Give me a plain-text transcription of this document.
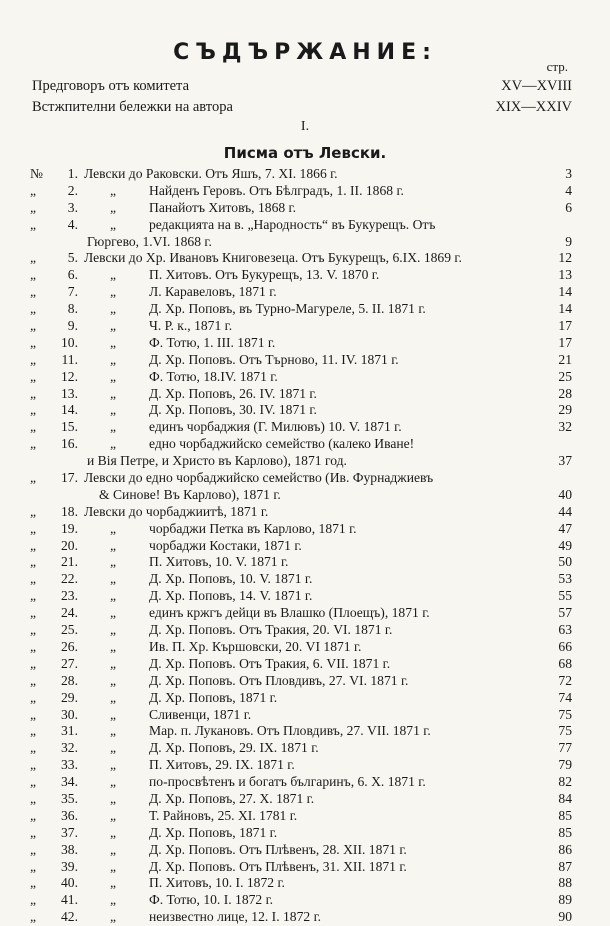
СЪДЪРЖАНИЕ:
стр.
Предговоръ отъ комитета	XV—XVIII
Встжпителни бележки на автора	XIX—XXIV
I.
Писма отъ Левски.
№ 1. Левски до Раковски. Отъ Яшъ, 7. XI. 1866 г.	3
„ 2. „ Найденъ Геровъ. Отъ Бѣлградъ, 1. II. 1868 г.	4
„ 3. „ Панайотъ Хитовъ, 1868 г.	6
„ 4. „ редакцията на в. „Народность“ въ Букурещъ. Отъ
Гюргево, 1.VI. 1868 г.	9
„ 5. Левски до Хр. Ивановъ Книговезеца. Отъ Букурещъ, 6.IX. 1869 г.	12
„ 6. „ П. Хитовъ. Отъ Букурещъ, 13. V. 1870 г.	13
„ 7. „ Л. Каравеловъ, 1871 г.	14
„ 8. „ Д. Хр. Поповъ, въ Турно-Магуреле, 5. II. 1871 г.	14
„ 9. „ Ч. Р. к., 1871 г.	17
„ 10. „ Ф. Тотю, 1. III. 1871 г.	17
„ 11. „ Д. Хр. Поповъ. Отъ Търново, 11. IV. 1871 г.	21
„ 12. „ Ф. Тотю, 18.IV. 1871 г.	25
„ 13. „ Д. Хр. Поповъ, 26. IV. 1871 г.	28
„ 14. „ Д. Хр. Поповъ, 30. IV. 1871 г.	29
„ 15. „ единъ чорбаджия (Г. Милювъ) 10. V. 1871 г.	32
„ 16. „ едно чорбаджийско семейство (калеко Иване!
и Вія Петре, и Христо въ Карлово), 1871 год.	37
„ 17. Левски до едно чорбаджийско семейство (Ив. Фурнаджиевъ
& Синове! Въ Карлово), 1871 г.	40
„ 18. Левски до чорбаджиитѣ, 1871 г.	44
„ 19. „ чорбаджи Петка въ Карлово, 1871 г.	47
„ 20. „ чорбаджи Костаки, 1871 г.	49
„ 21. „ П. Хитовъ, 10. V. 1871 г.	50
„ 22. „ Д. Хр. Поповъ, 10. V. 1871 г.	53
„ 23. „ Д. Хр. Поповъ, 14. V. 1871 г.	55
„ 24. „ единъ кржгъ дейци въ Влашко (Плоещъ), 1871 г.	57
„ 25. „ Д. Хр. Поповъ. Отъ Тракия, 20. VI. 1871 г.	63
„ 26. „ Ив. П. Хр. Кършовски, 20. VI 1871 г.	66
„ 27. „ Д. Хр. Поповъ. Отъ Тракия, 6. VII. 1871 г.	68
„ 28. „ Д. Хр. Поповъ. Отъ Пловдивъ, 27. VI. 1871 г.	72
„ 29. „ Д. Хр. Поповъ, 1871 г.	74
„ 30. „ Сливенци, 1871 г.	75
„ 31. „ Мар. п. Лукановъ. Отъ Пловдивъ, 27. VII. 1871 г.	75
„ 32. „ Д. Хр. Поповъ, 29. IX. 1871 г.	77
„ 33. „ П. Хитовъ, 29. IX. 1871 г.	79
„ 34. „ по-просвѣтенъ и богатъ българинъ, 6. X. 1871 г.	82
„ 35. „ Д. Хр. Поповъ, 27. X. 1871 г.	84
„ 36. „ Т. Райновъ, 25. XI. 1781 г.	85
„ 37. „ Д. Хр. Поповъ, 1871 г.	85
„ 38. „ Д. Хр. Поповъ. Отъ Плѣвенъ, 28. XII. 1871 г.	86
„ 39. „ Д. Хр. Поповъ. Отъ Плѣвенъ, 31. XII. 1871 г.	87
„ 40. „ П. Хитовъ, 10. I. 1872 г.	88
„ 41. „ Ф. Тотю, 10. I. 1872 г.	89
„ 42. „ неизвестно лице, 12. I. 1872 г.	90
